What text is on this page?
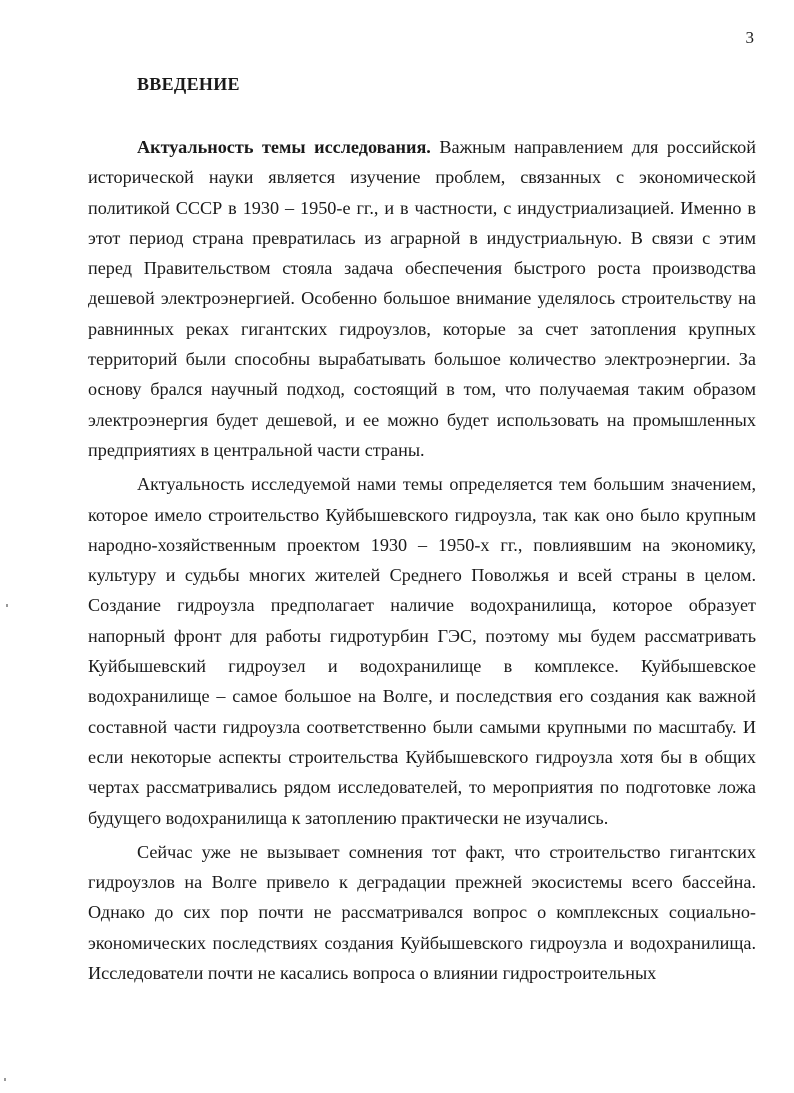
3
ВВЕДЕНИЕ

Актуальность темы исследования. Важным направлением для российской исторической науки является изучение проблем, связанных с экономической политикой СССР в 1930 – 1950-е гг., и в частности, с индустриализацией. Именно в этот период страна превратилась из аграрной в индустриальную. В связи с этим перед Правительством стояла задача обеспечения быстрого роста производства дешевой электроэнергией. Особенно большое внимание уделялось строительству на равнинных реках гигантских гидроузлов, которые за счет затопления крупных территорий были способны вырабатывать большое количество электроэнергии. За основу брался научный подход, состоящий в том, что получаемая таким образом электроэнергия будет дешевой, и ее можно будет использовать на промышленных предприятиях в центральной части страны.

Актуальность исследуемой нами темы определяется тем большим значением, которое имело строительство Куйбышевского гидроузла, так как оно было крупным народно-хозяйственным проектом 1930 – 1950-х гг., повлиявшим на экономику, культуру и судьбы многих жителей Среднего Поволжья и всей страны в целом. Создание гидроузла предполагает наличие водохранилища, которое образует напорный фронт для работы гидротурбин ГЭС, поэтому мы будем рассматривать Куйбышевский гидроузел и водохранилище в комплексе. Куйбышевское водохранилище – самое большое на Волге, и последствия его создания как важной составной части гидроузла соответственно были самыми крупными по масштабу. И если некоторые аспекты строительства Куйбышевского гидроузла хотя бы в общих чертах рассматривались рядом исследователей, то мероприятия по подготовке ложа будущего водохранилища к затоплению практически не изучались.

Сейчас уже не вызывает сомнения тот факт, что строительство гигантских гидроузлов на Волге привело к деградации прежней экосистемы всего бассейна. Однако до сих пор почти не рассматривался вопрос о комплексных социально-экономических последствиях создания Куйбышевского гидроузла и водохранилища. Исследователи почти не касались вопроса о влиянии гидростроительных
